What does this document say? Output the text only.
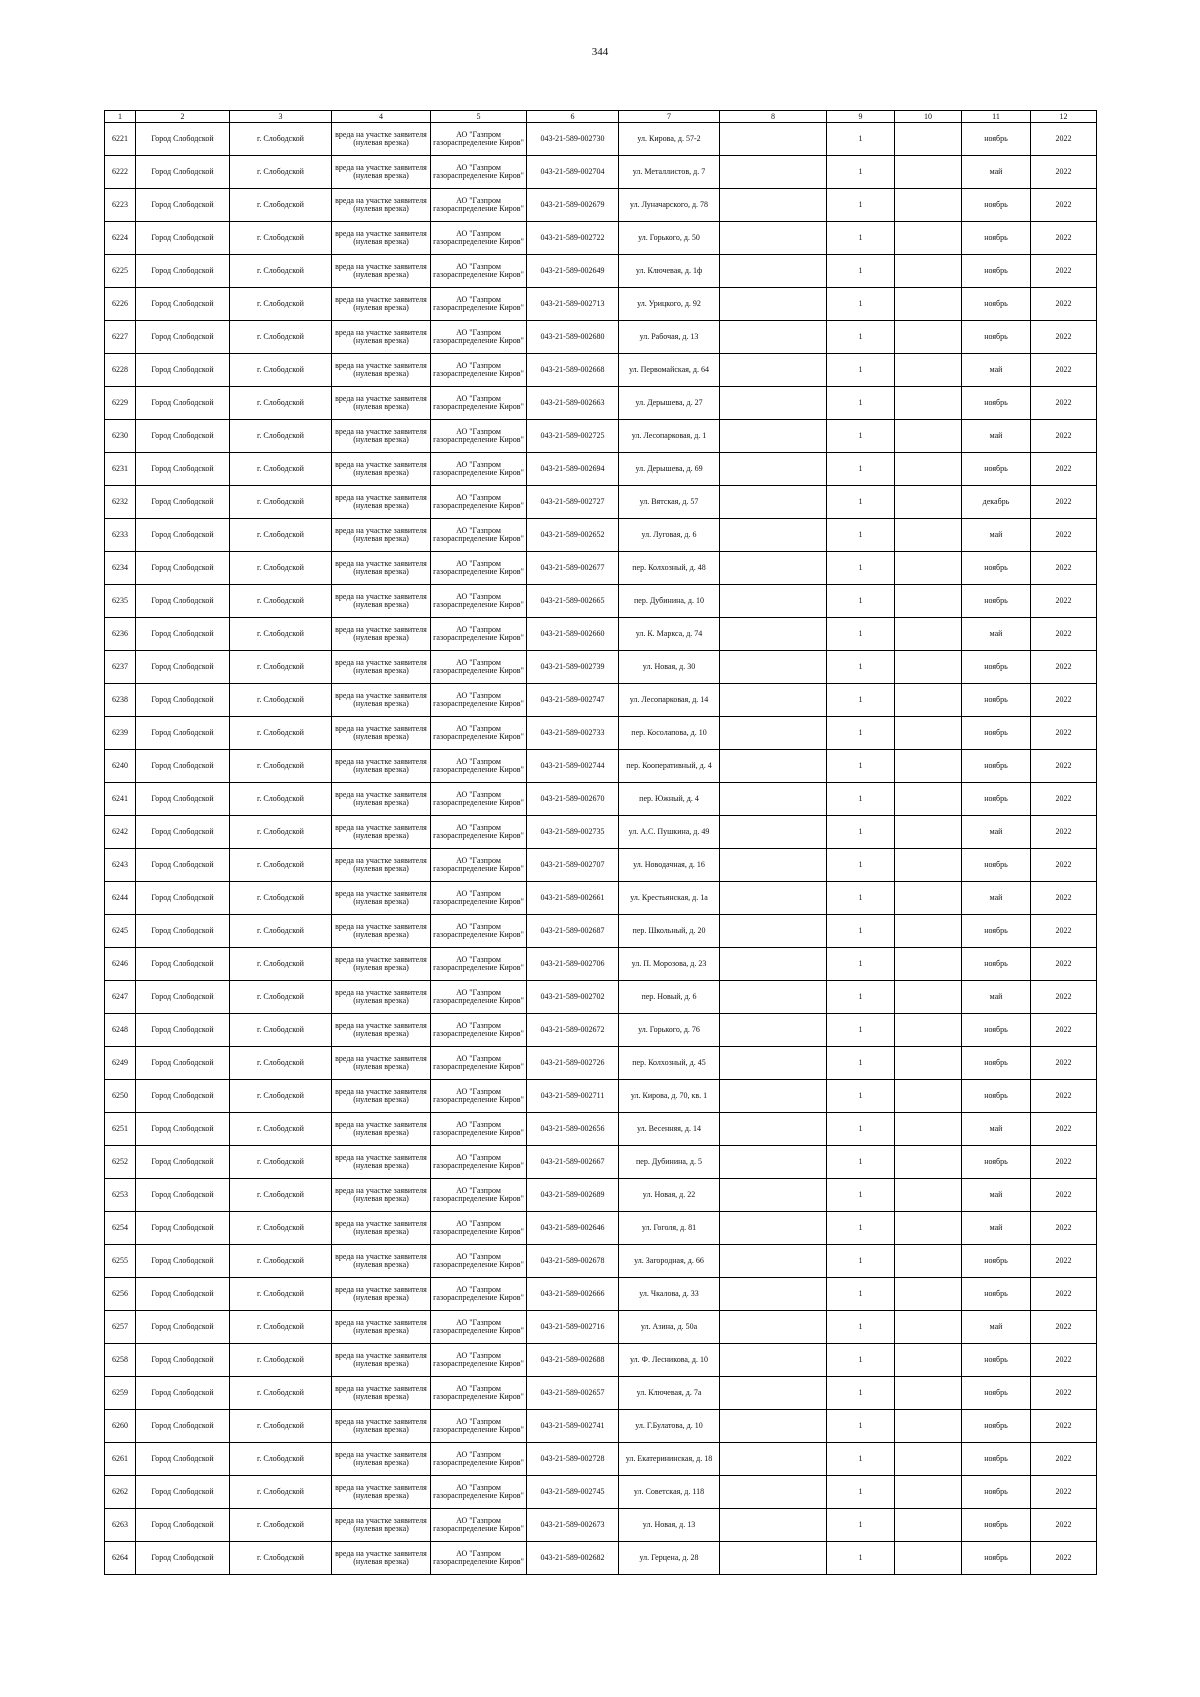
344
1	2	3	4	5	6	7	8	9	10	11	12
6221	Город Слободской	г. Слободской	вреда на участке заявителя (нулевая врезка)	АО "Газпром газораспределение Киров"	043-21-589-002730	ул. Кирова, д. 57-2		1		ноябрь	2022
6222	Город Слободской	г. Слободской	вреда на участке заявителя (нулевая врезка)	АО "Газпром газораспределение Киров"	043-21-589-002704	ул. Металлистов, д. 7		1		май	2022
6223	Город Слободской	г. Слободской	вреда на участке заявителя (нулевая врезка)	АО "Газпром газораспределение Киров"	043-21-589-002679	ул. Луначарского, д. 78		1		ноябрь	2022
6224	Город Слободской	г. Слободской	вреда на участке заявителя (нулевая врезка)	АО "Газпром газораспределение Киров"	043-21-589-002722	ул. Горького, д. 50		1		ноябрь	2022
6225	Город Слободской	г. Слободской	вреда на участке заявителя (нулевая врезка)	АО "Газпром газораспределение Киров"	043-21-589-002649	ул. Ключевая, д. 1ф		1		ноябрь	2022
6226	Город Слободской	г. Слободской	вреда на участке заявителя (нулевая врезка)	АО "Газпром газораспределение Киров"	043-21-589-002713	ул. Урицкого, д. 92		1		ноябрь	2022
6227	Город Слободской	г. Слободской	вреда на участке заявителя (нулевая врезка)	АО "Газпром газораспределение Киров"	043-21-589-002680	ул. Рабочая, д. 13		1		ноябрь	2022
6228	Город Слободской	г. Слободской	вреда на участке заявителя (нулевая врезка)	АО "Газпром газораспределение Киров"	043-21-589-002668	ул. Первомайская, д. 64		1		май	2022
6229	Город Слободской	г. Слободской	вреда на участке заявителя (нулевая врезка)	АО "Газпром газораспределение Киров"	043-21-589-002663	ул. Дерышева, д. 27		1		ноябрь	2022
6230	Город Слободской	г. Слободской	вреда на участке заявителя (нулевая врезка)	АО "Газпром газораспределение Киров"	043-21-589-002725	ул. Лесопарковая, д. 1		1		май	2022
6231	Город Слободской	г. Слободской	вреда на участке заявителя (нулевая врезка)	АО "Газпром газораспределение Киров"	043-21-589-002694	ул. Дерышева, д. 69		1		ноябрь	2022
6232	Город Слободской	г. Слободской	вреда на участке заявителя (нулевая врезка)	АО "Газпром газораспределение Киров"	043-21-589-002727	ул. Вятская, д. 57		1		декабрь	2022
6233	Город Слободской	г. Слободской	вреда на участке заявителя (нулевая врезка)	АО "Газпром газораспределение Киров"	043-21-589-002652	ул. Луговая, д. 6		1		май	2022
6234	Город Слободской	г. Слободской	вреда на участке заявителя (нулевая врезка)	АО "Газпром газораспределение Киров"	043-21-589-002677	пер. Колхозный, д. 48		1		ноябрь	2022
6235	Город Слободской	г. Слободской	вреда на участке заявителя (нулевая врезка)	АО "Газпром газораспределение Киров"	043-21-589-002665	пер. Дубинина, д. 10		1		ноябрь	2022
6236	Город Слободской	г. Слободской	вреда на участке заявителя (нулевая врезка)	АО "Газпром газораспределение Киров"	043-21-589-002660	ул. К. Маркса, д. 74		1		май	2022
6237	Город Слободской	г. Слободской	вреда на участке заявителя (нулевая врезка)	АО "Газпром газораспределение Киров"	043-21-589-002739	ул. Новая, д. 30		1		ноябрь	2022
6238	Город Слободской	г. Слободской	вреда на участке заявителя (нулевая врезка)	АО "Газпром газораспределение Киров"	043-21-589-002747	ул. Лесопарковая, д. 14		1		ноябрь	2022
6239	Город Слободской	г. Слободской	вреда на участке заявителя (нулевая врезка)	АО "Газпром газораспределение Киров"	043-21-589-002733	пер. Косолапова, д. 10		1		ноябрь	2022
6240	Город Слободской	г. Слободской	вреда на участке заявителя (нулевая врезка)	АО "Газпром газораспределение Киров"	043-21-589-002744	пер. Кооперативный, д. 4		1		ноябрь	2022
6241	Город Слободской	г. Слободской	вреда на участке заявителя (нулевая врезка)	АО "Газпром газораспределение Киров"	043-21-589-002670	пер. Южный, д. 4		1		ноябрь	2022
6242	Город Слободской	г. Слободской	вреда на участке заявителя (нулевая врезка)	АО "Газпром газораспределение Киров"	043-21-589-002735	ул. А.С. Пушкина, д. 49		1		май	2022
6243	Город Слободской	г. Слободской	вреда на участке заявителя (нулевая врезка)	АО "Газпром газораспределение Киров"	043-21-589-002707	ул. Новодачная, д. 16		1		ноябрь	2022
6244	Город Слободской	г. Слободской	вреда на участке заявителя (нулевая врезка)	АО "Газпром газораспределение Киров"	043-21-589-002661	ул. Крестьянская, д. 1а		1		май	2022
6245	Город Слободской	г. Слободской	вреда на участке заявителя (нулевая врезка)	АО "Газпром газораспределение Киров"	043-21-589-002687	пер. Школьный, д. 20		1		ноябрь	2022
6246	Город Слободской	г. Слободской	вреда на участке заявителя (нулевая врезка)	АО "Газпром газораспределение Киров"	043-21-589-002706	ул. П. Морозова, д. 23		1		ноябрь	2022
6247	Город Слободской	г. Слободской	вреда на участке заявителя (нулевая врезка)	АО "Газпром газораспределение Киров"	043-21-589-002702	пер. Новый, д. 6		1		май	2022
6248	Город Слободской	г. Слободской	вреда на участке заявителя (нулевая врезка)	АО "Газпром газораспределение Киров"	043-21-589-002672	ул. Горького, д. 76		1		ноябрь	2022
6249	Город Слободской	г. Слободской	вреда на участке заявителя (нулевая врезка)	АО "Газпром газораспределение Киров"	043-21-589-002726	пер. Колхозный, д. 45		1		ноябрь	2022
6250	Город Слободской	г. Слободской	вреда на участке заявителя (нулевая врезка)	АО "Газпром газораспределение Киров"	043-21-589-002711	ул. Кирова, д. 70, кв. 1		1		ноябрь	2022
6251	Город Слободской	г. Слободской	вреда на участке заявителя (нулевая врезка)	АО "Газпром газораспределение Киров"	043-21-589-002656	ул. Весенняя, д. 14		1		май	2022
6252	Город Слободской	г. Слободской	вреда на участке заявителя (нулевая врезка)	АО "Газпром газораспределение Киров"	043-21-589-002667	пер. Дубинина, д. 5		1		ноябрь	2022
6253	Город Слободской	г. Слободской	вреда на участке заявителя (нулевая врезка)	АО "Газпром газораспределение Киров"	043-21-589-002689	ул. Новая, д. 22		1		май	2022
6254	Город Слободской	г. Слободской	вреда на участке заявителя (нулевая врезка)	АО "Газпром газораспределение Киров"	043-21-589-002646	ул. Гоголя, д. 81		1		май	2022
6255	Город Слободской	г. Слободской	вреда на участке заявителя (нулевая врезка)	АО "Газпром газораспределение Киров"	043-21-589-002678	ул. Загородная, д. 66		1		ноябрь	2022
6256	Город Слободской	г. Слободской	вреда на участке заявителя (нулевая врезка)	АО "Газпром газораспределение Киров"	043-21-589-002666	ул. Чкалова, д. 33		1		ноябрь	2022
6257	Город Слободской	г. Слободской	вреда на участке заявителя (нулевая врезка)	АО "Газпром газораспределение Киров"	043-21-589-002716	ул. Азина, д. 50а		1		май	2022
6258	Город Слободской	г. Слободской	вреда на участке заявителя (нулевая врезка)	АО "Газпром газораспределение Киров"	043-21-589-002688	ул. Ф. Лесникова, д. 10		1		ноябрь	2022
6259	Город Слободской	г. Слободской	вреда на участке заявителя (нулевая врезка)	АО "Газпром газораспределение Киров"	043-21-589-002657	ул. Ключевая, д. 7а		1		ноябрь	2022
6260	Город Слободской	г. Слободской	вреда на участке заявителя (нулевая врезка)	АО "Газпром газораспределение Киров"	043-21-589-002741	ул. Г.Булатова, д. 10		1		ноябрь	2022
6261	Город Слободской	г. Слободской	вреда на участке заявителя (нулевая врезка)	АО "Газпром газораспределение Киров"	043-21-589-002728	ул. Екатерининская, д. 18		1		ноябрь	2022
6262	Город Слободской	г. Слободской	вреда на участке заявителя (нулевая врезка)	АО "Газпром газораспределение Киров"	043-21-589-002745	ул. Советская, д. 118		1		ноябрь	2022
6263	Город Слободской	г. Слободской	вреда на участке заявителя (нулевая врезка)	АО "Газпром газораспределение Киров"	043-21-589-002673	ул. Новая, д. 13		1		ноябрь	2022
6264	Город Слободской	г. Слободской	вреда на участке заявителя (нулевая врезка)	АО "Газпром газораспределение Киров"	043-21-589-002682	ул. Герцена, д. 28		1		ноябрь	2022
